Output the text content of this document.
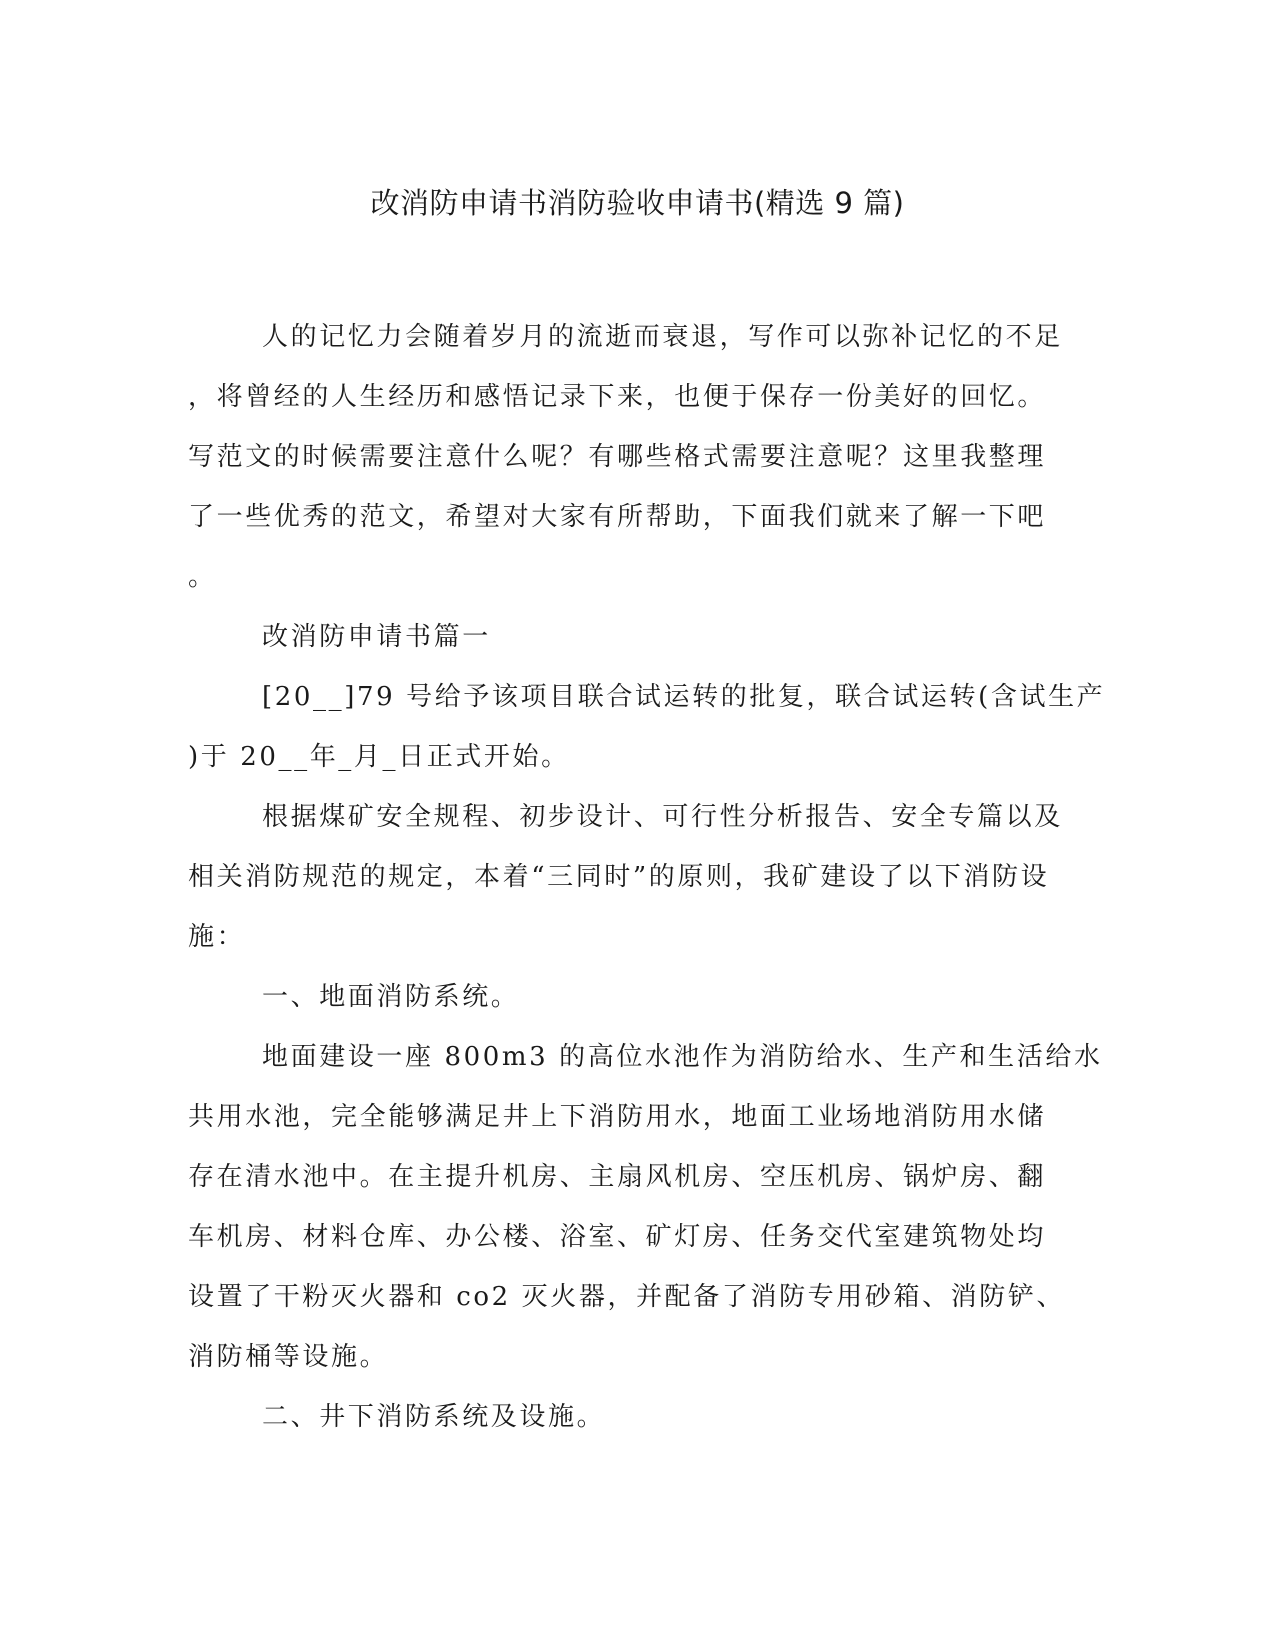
改消防申请书消防验收申请书(精选 9 篇)
人的记忆力会随着岁月的流逝而衰退，写作可以弥补记忆的不足
，将曾经的人生经历和感悟记录下来，也便于保存一份美好的回忆。
写范文的时候需要注意什么呢？有哪些格式需要注意呢？这里我整理
了一些优秀的范文，希望对大家有所帮助，下面我们就来了解一下吧
。
改消防申请书篇一
[20__]79 号给予该项目联合试运转的批复，联合试运转(含试生产
)于 20__年_月_日正式开始。
根据煤矿安全规程、初步设计、可行性分析报告、安全专篇以及
相关消防规范的规定，本着“三同时”的原则，我矿建设了以下消防设
施：
一、地面消防系统。
地面建设一座 800m3 的高位水池作为消防给水、生产和生活给水
共用水池，完全能够满足井上下消防用水，地面工业场地消防用水储
存在清水池中。在主提升机房、主扇风机房、空压机房、锅炉房、翻
车机房、材料仓库、办公楼、浴室、矿灯房、任务交代室建筑物处均
设置了干粉灭火器和 co2 灭火器，并配备了消防专用砂箱、消防铲、
消防桶等设施。
二、井下消防系统及设施。
